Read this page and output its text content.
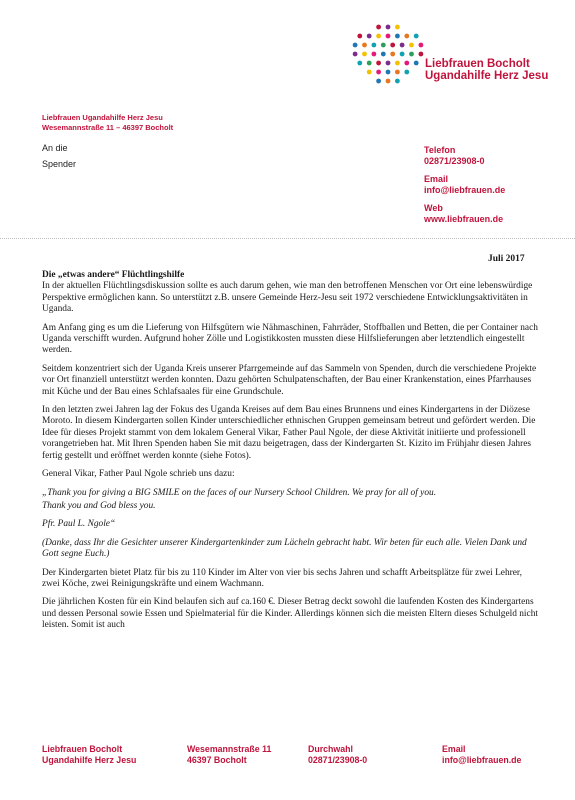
Liebfrauen Bocholt
Ugandahilfe Herz Jesu
Liebfrauen Ugandahilfe Herz Jesu
Wesemannstraße 11 – 46397 Bocholt
An die
Spender
Telefon
02871/23908-0
Email
info@liebfrauen.de
Web
www.liebfrauen.de
Juli 2017

Die „etwas andere“ Flüchtlingshilfe

In der aktuellen Flüchtlingsdiskussion sollte es auch darum gehen, wie man den betroffenen Menschen vor Ort eine lebenswürdige Perspektive ermöglichen kann. So unterstützt z.B. unsere Gemeinde Herz-Jesu seit 1972 verschiedene Entwicklungsaktivitäten in Uganda.

Am Anfang ging es um die Lieferung von Hilfsgütern wie Nähmaschinen, Fahrräder, Stoffballen und Betten, die per Container nach Uganda verschifft wurden. Aufgrund hoher Zölle und Logistikkosten mussten diese Hilfslieferungen aber letztendlich eingestellt werden.

Seitdem konzentriert sich der Uganda Kreis unserer Pfarrgemeinde auf das Sammeln von Spenden, durch die verschiedene Projekte vor Ort finanziell unterstützt werden konnten. Dazu gehörten Schulpatenschaften, der Bau einer Krankenstation, eines Pfarrhauses mit Küche und der Bau eines Schlafsaales für eine Grundschule.

In den letzten zwei Jahren lag der Fokus des Uganda Kreises auf dem Bau eines Brunnens und eines Kindergartens in der Diözese Moroto. In diesem Kindergarten sollen Kinder unterschiedlicher ethnischen Gruppen gemeinsam betreut und gefördert werden. Die Idee für dieses Projekt stammt von dem lokalem General Vikar, Father Paul Ngole, der diese Aktivität initiierte und professionell vorangetrieben hat. Mit Ihren Spenden haben Sie mit dazu beigetragen, dass der Kindergarten St. Kizito im Frühjahr diesen Jahres fertig gestellt und eröffnet werden konnte (siehe Fotos).

General Vikar, Father Paul Ngole schrieb uns dazu:

„Thank you for giving a BIG SMILE on the faces of our Nursery School Children. We pray for all of you.

Thank you and God bless you.

Pfr. Paul L. Ngole“

(Danke, dass Ihr die Gesichter unserer Kindergartenkinder zum Lächeln gebracht habt. Wir beten für euch alle. Vielen Dank und Gott segne Euch.)

Der Kindergarten bietet Platz für bis zu 110 Kinder im Alter von vier bis sechs Jahren und schafft Arbeitsplätze für zwei Lehrer, zwei Köche, zwei Reinigungskräfte und einem Wachmann.

Die jährlichen Kosten für ein Kind belaufen sich auf ca.160 €. Dieser Betrag deckt sowohl die laufenden Kosten des Kindergartens und dessen Personal sowie Essen und Spielmaterial für die Kinder. Allerdings können sich die meisten Eltern dieses Schulgeld nicht leisten. Somit ist auch

Liebfrauen Bocholt
Ugandahilfe Herz Jesu
Wesemannstraße 11
46397 Bocholt
Durchwahl
02871/23908-0
Email
info@liebfrauen.de
